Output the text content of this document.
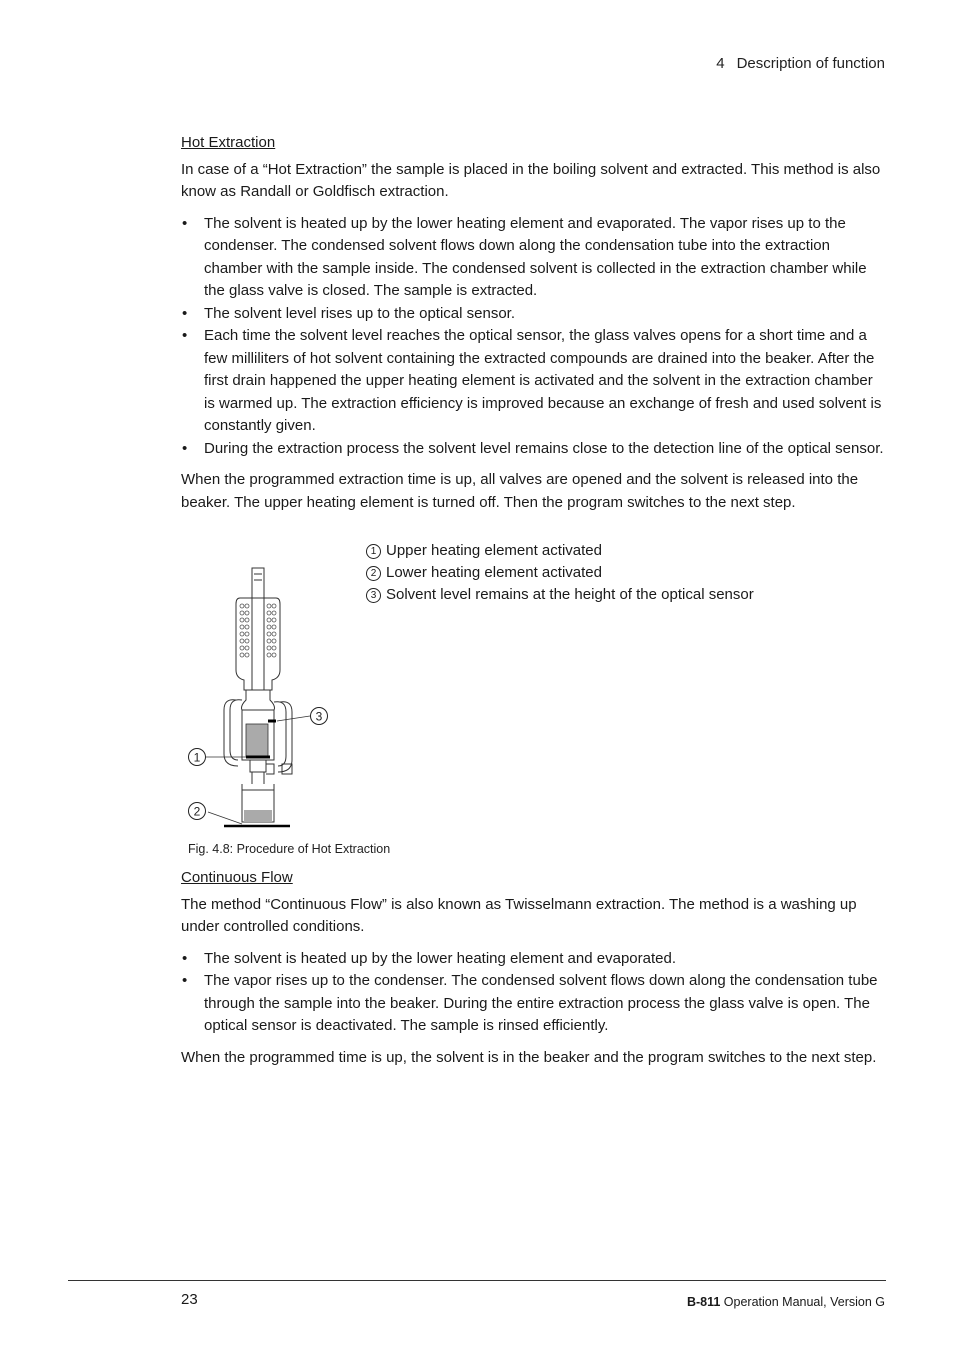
4 Description of function

Hot Extraction

In case of a “Hot Extraction” the sample is placed in the boiling solvent and extracted. This method is also know as Randall or Goldfisch extraction.

• The solvent is heated up by the lower heating element and evaporated. The vapor rises up to the condenser. The condensed solvent flows down along the condensation tube into the extraction chamber with the sample inside. The condensed solvent is collected in the extraction chamber while the glass valve is closed. The sample is extracted.
• The solvent level rises up to the optical sensor.
• Each time the solvent level reaches the optical sensor, the glass valves opens for a short time and a few milliliters of hot solvent containing the extracted compounds are drained into the beaker. After the first drain happened the upper heating element is activated and the solvent in the extraction chamber is warmed up. The extraction efficiency is improved because an exchange of fresh and used solvent is constantly given.
• During the extraction process the solvent level remains close to the detection line of the optical sensor.

When the programmed extraction time is up, all valves are opened and the solvent is released into the beaker. The upper heating element is turned off. Then the program switches to the next step.

1 Upper heating element activated
2 Lower heating element activated
3 Solvent level remains at the height of the optical sensor
3
1
2
Fig. 4.8: Procedure of Hot Extraction

Continuous Flow

The method “Continuous Flow” is also known as Twisselmann extraction. The method is a washing up under controlled conditions.

• The solvent is heated up by the lower heating element and evaporated.
• The vapor rises up to the condenser. The condensed solvent flows down along the condensation tube through the sample into the beaker. During the entire extraction process the glass valve is open. The optical sensor is deactivated. The sample is rinsed efficiently.

When the programmed time is up, the solvent is in the beaker and the program switches to the next step.

23	B-811 Operation Manual, Version G
